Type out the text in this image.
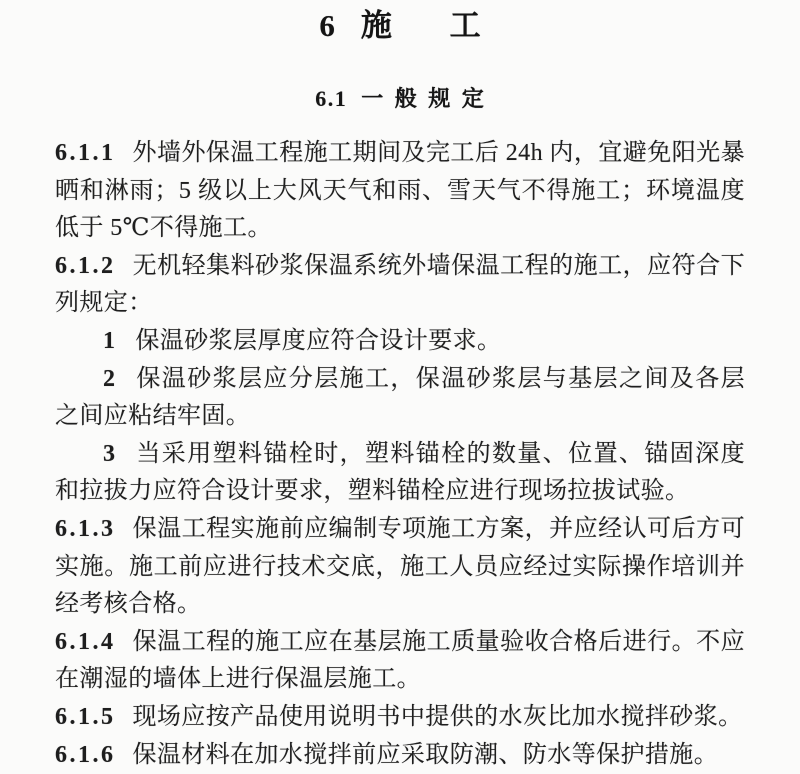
6 施 工
6.1 一 般 规 定

6.1.1 外墙外保温工程施工期间及完工后 24h 内，宜避免阳光暴晒和淋雨；5 级以上大风天气和雨、雪天气不得施工；环境温度低于 5℃不得施工。

6.1.2 无机轻集料砂浆保温系统外墙保温工程的施工，应符合下列规定：

1 保温砂浆层厚度应符合设计要求。

2 保温砂浆层应分层施工，保温砂浆层与基层之间及各层之间应粘结牢固。

3 当采用塑料锚栓时，塑料锚栓的数量、位置、锚固深度和拉拔力应符合设计要求，塑料锚栓应进行现场拉拔试验。

6.1.3 保温工程实施前应编制专项施工方案，并应经认可后方可实施。施工前应进行技术交底，施工人员应经过实际操作培训并经考核合格。

6.1.4 保温工程的施工应在基层施工质量验收合格后进行。不应在潮湿的墙体上进行保温层施工。

6.1.5 现场应按产品使用说明书中提供的水灰比加水搅拌砂浆。

6.1.6 保温材料在加水搅拌前应采取防潮、防水等保护措施。
